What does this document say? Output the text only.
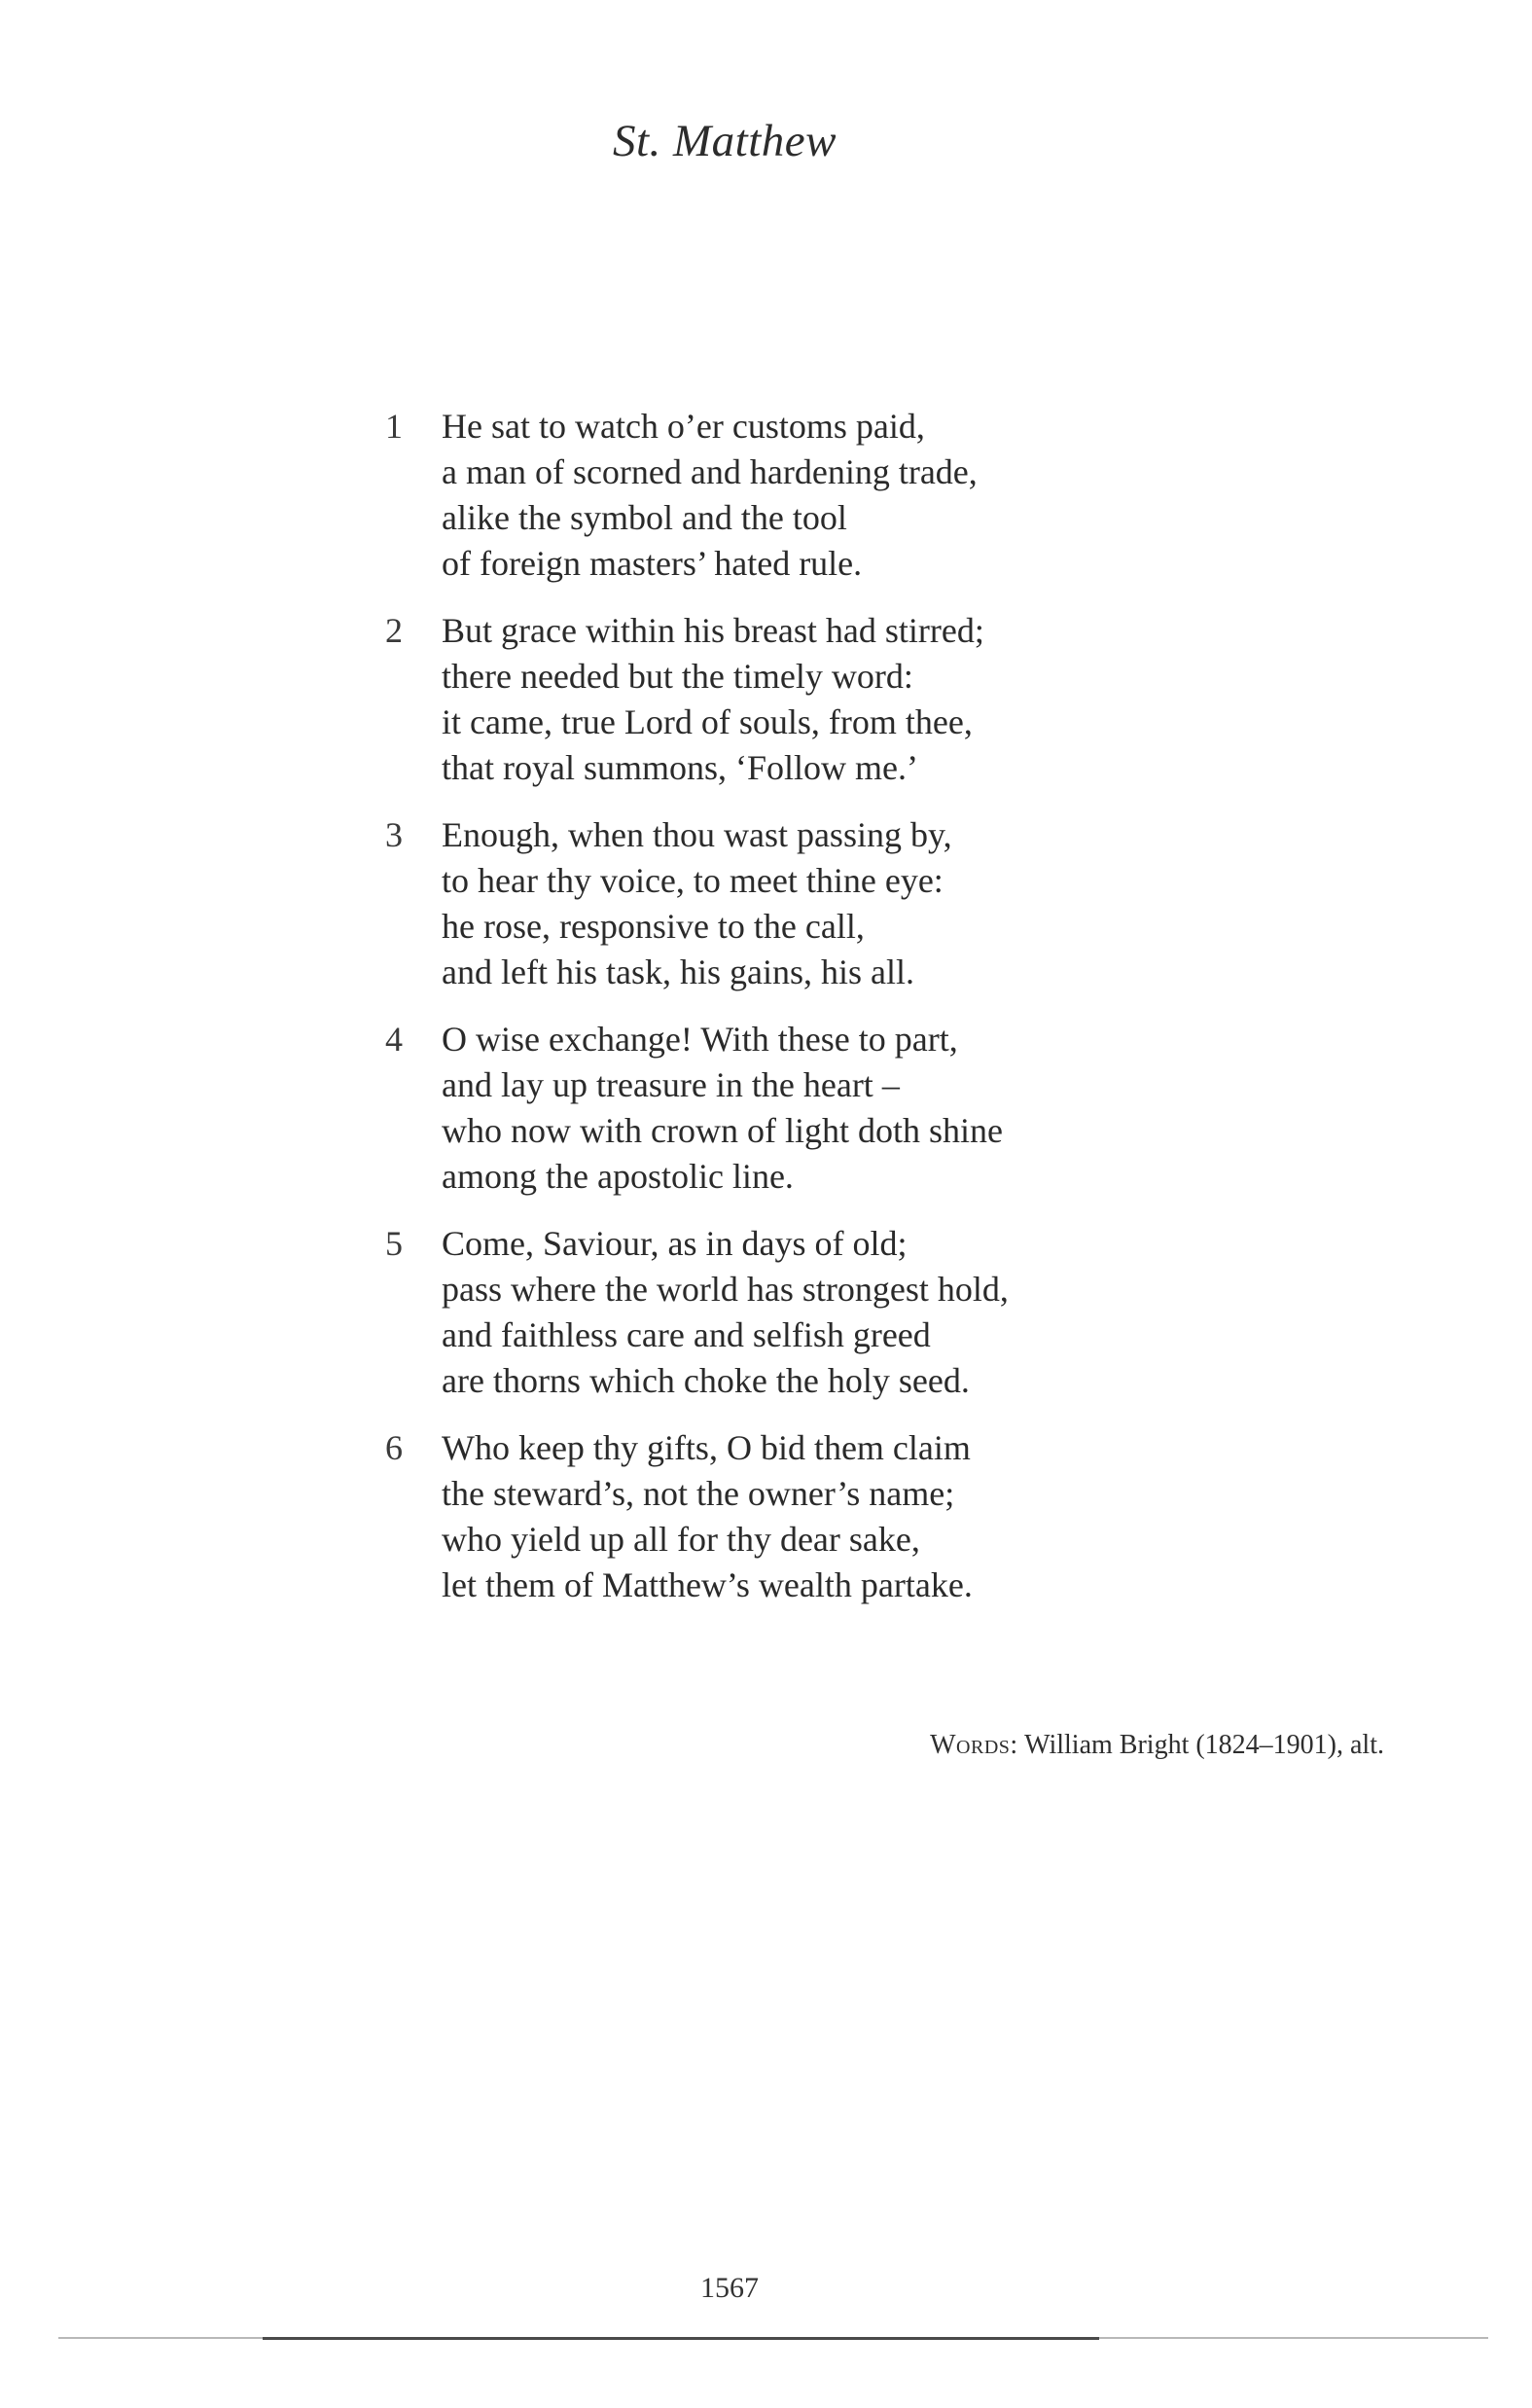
St. Matthew
1	He sat to watch o’er customs paid,
a man of scorned and hardening trade,
alike the symbol and the tool
of foreign masters’ hated rule.
2	But grace within his breast had stirred;
there needed but the timely word:
it came, true Lord of souls, from thee,
that royal summons, ‘Follow me.’
3	Enough, when thou wast passing by,
to hear thy voice, to meet thine eye:
he rose, responsive to the call,
and left his task, his gains, his all.
4	O wise exchange! With these to part,
and lay up treasure in the heart –
who now with crown of light doth shine
among the apostolic line.
5	Come, Saviour, as in days of old;
pass where the world has strongest hold,
and faithless care and selfish greed
are thorns which choke the holy seed.
6	Who keep thy gifts, O bid them claim
the steward’s, not the owner’s name;
who yield up all for thy dear sake,
let them of Matthew’s wealth partake.
Words: William Bright (1824–1901), alt.
1567
